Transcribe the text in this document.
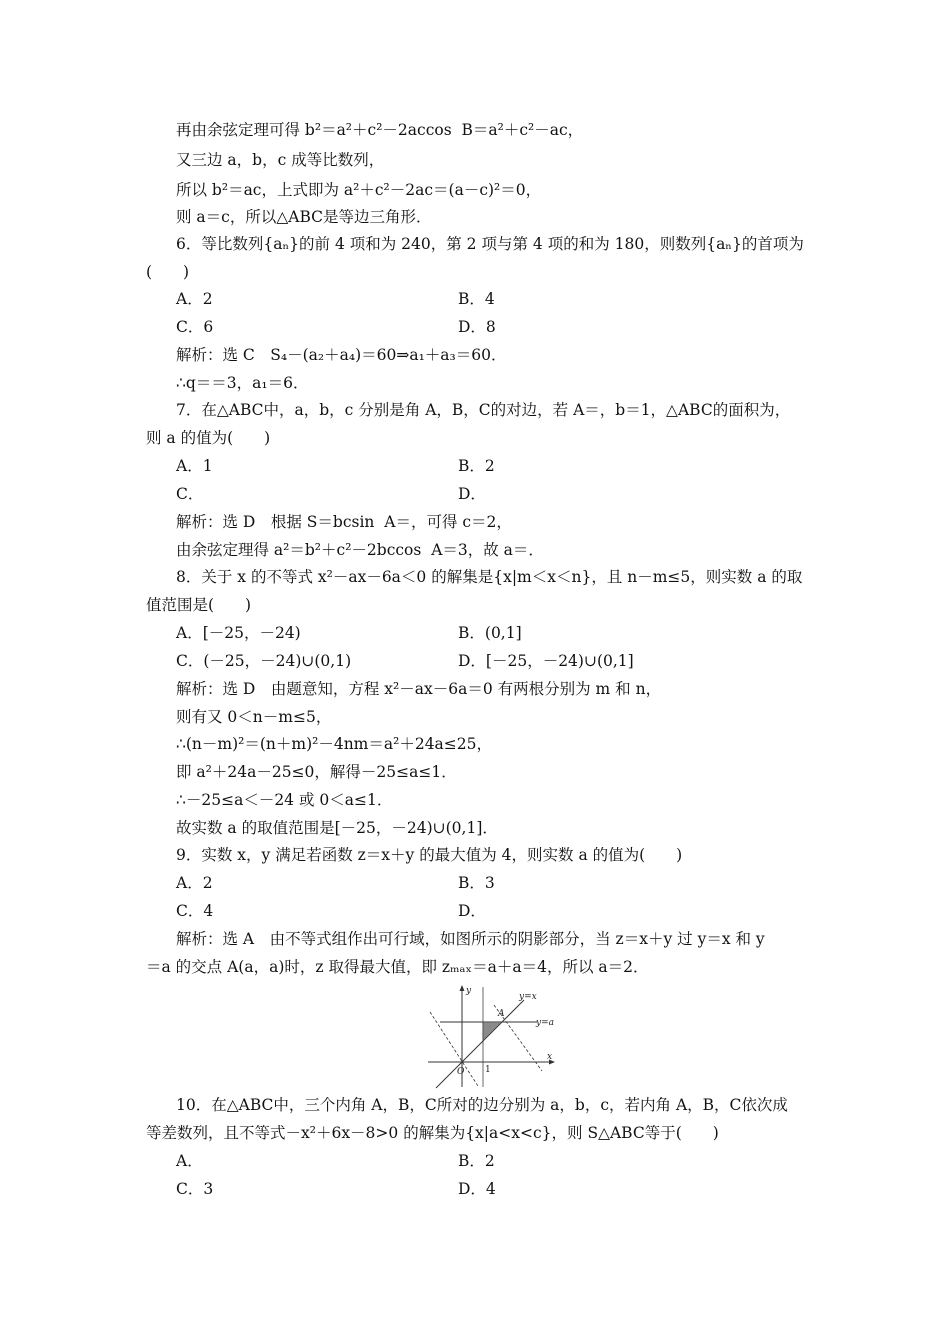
再由余弦定理可得 b²＝a²＋c²－2accos  B＝a²＋c²－ac，
又三边 a，b，c 成等比数列，
所以 b²＝ac，上式即为 a²＋c²－2ac＝(a－c)²＝0，
则 a＝c，所以△ABC是等边三角形．
6．等比数列{aₙ}的前 4 项和为 240，第 2 项与第 4 项的和为 180，则数列{aₙ}的首项为
(　　)
A．2	B．4
C．6	D．8
解析：选 C　S₄－(a₂＋a₄)＝60⇒a₁＋a₃＝60．
∴q＝＝3，a₁＝6．
7．在△ABC中，a，b，c 分别是角 A，B，C的对边，若 A＝，b＝1，△ABC的面积为，
则 a 的值为(　　)
A．1	B．2
C．	D．
解析：选 D　根据 S＝bcsin  A＝，可得 c＝2，
由余弦定理得 a²＝b²＋c²－2bccos  A＝3，故 a＝．
8．关于 x 的不等式 x²－ax－6a＜0 的解集是{x|m＜x＜n}，且 n－m≤5，则实数 a 的取
值范围是(　　)
A．[－25，－24)	B．(0,1]
C．(－25，－24)∪(0,1)	D．[－25，－24)∪(0,1]
解析：选 D　由题意知，方程 x²－ax－6a＝0 有两根分别为 m 和 n，
则有又 0＜n－m≤5，
∴(n－m)²＝(n＋m)²－4nm＝a²＋24a≤25，
即 a²＋24a－25≤0，解得－25≤a≤1．
∴－25≤a＜－24 或 0＜a≤1．
故实数 a 的取值范围是[－25，－24)∪(0,1]．
9．实数 x，y 满足若函数 z＝x＋y 的最大值为 4，则实数 a 的值为(　　)
A．2	B．3
C．4	D．
解析：选 A　由不等式组作出可行域，如图所示的阴影部分，当 z＝x＋y 过 y＝x 和 y
＝a 的交点 A(a，a)时，z 取得最大值，即 zₘₐₓ＝a＋a＝4，所以 a＝2．
y
x
O 1
A
y=x
y=a
10．在△ABC中，三个内角 A，B，C所对的边分别为 a，b，c，若内角 A，B，C依次成
等差数列，且不等式－x²＋6x－8>0 的解集为{x|a<x<c}，则 S△ABC等于(　　)
A．	B．2
C．3	D．4
